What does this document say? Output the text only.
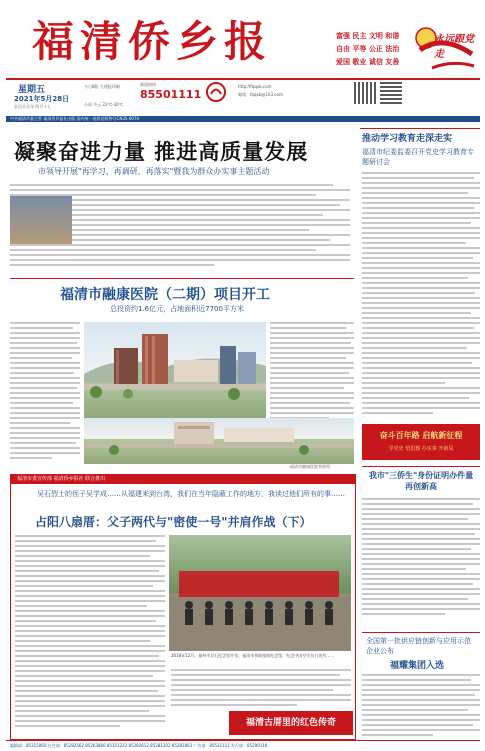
福清侨乡报	富强 民主 文明 和谐
自由 平等 公正 法治
爱国 敬业 诚信 友善
永远跟党走
星期五
2021年5月28日
农历辛丑年 四月十七
今日8版 大理报印制
小雨 多云 22℃-30℃
新闻热线
85501111
http://fqqxb.com
邮箱：fqqxb@163.com
中共福清市委主管 福清侨乡报社出版 国内统一连续出版物号CN35-0070
凝聚奋进力量 推进高质量发展
市领导开展"再学习、再调研、再落实"暨我为群众办实事主题活动
推动学习教育走深走实
福清市纪委监委召开党史学习教育专题研讨会
福清市融康医院（二期）项目开工
总投资约1.6亿元，占地面积近7700平方米
福清市融康医院效果图
奋斗百年路 启航新征程
学党史 悟思想 办实事 开新局
我市"三侨生"身份证明办件量再创新高
全国第一批供应链创新与应用示范企业公布
福耀集团入选
福清市委宣传部 福清侨乡报社 联合推出
吴石烈士的侄子吴学成……从福建来到台湾，我们在当年隐蔽工作的地方，我读过他们所有的事……
占阳八扇厝：父子两代与"密使一号"并肩作战（下）
2018年12月，福州市吴石纪念馆开馆，福清市侨联组织纪念馆，纪念中国空军抗日英烈……
福清古厝里的红色传奇
编辑部：85315060 社会部：85282562 85263866 85351222 85282612 85281202 85282803 广告部：85531111 发行部：85290118
